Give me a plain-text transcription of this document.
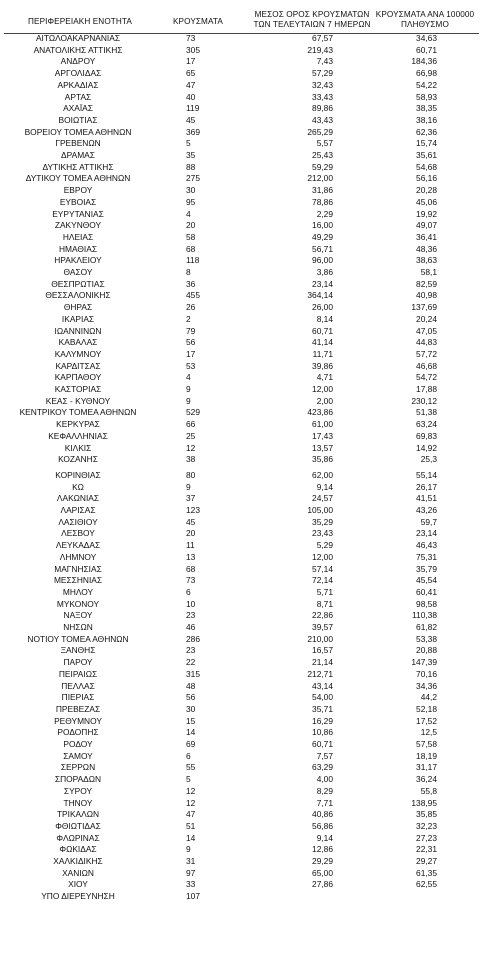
ΠΕΡΙΦΕΡΕΙΑΚΗ ΕΝΟΤΗΤΑ	ΚΡΟΥΣΜΑΤΑ
ΜΕΣΟΣ ΟΡΟΣ ΚΡΟΥΣΜΑΤΩΝ
ΤΩΝ ΤΕΛΕΥΤΑΙΩΝ 7 ΗΜΕΡΩΝ
ΚΡΟΥΣΜΑΤΑ ΑΝΑ 100000
ΠΛΗΘΥΣΜΟ
ΑΙΤΩΛΟΑΚΑΡΝΑΝΙΑΣ	73	67,57	34,63
ΑΝΑΤΟΛΙΚΗΣ ΑΤΤΙΚΗΣ	305	219,43	60,71
ΑΝΔΡΟΥ	17	7,43	184,36
ΑΡΓΟΛΙΔΑΣ	65	57,29	66,98
ΑΡΚΑΔΙΑΣ	47	32,43	54,22
ΑΡΤΑΣ	40	33,43	58,93
ΑΧΑΪΑΣ	119	89,86	38,35
ΒΟΙΩΤΙΑΣ	45	43,43	38,16
ΒΟΡΕΙΟΥ ΤΟΜΕΑ ΑΘΗΝΩΝ	369	265,29	62,36
ΓΡΕΒΕΝΩΝ	5	5,57	15,74
ΔΡΑΜΑΣ	35	25,43	35,61
ΔΥΤΙΚΗΣ ΑΤΤΙΚΗΣ	88	59,29	54,68
ΔΥΤΙΚΟΥ ΤΟΜΕΑ ΑΘΗΝΩΝ	275	212,00	56,16
ΕΒΡΟΥ	30	31,86	20,28
ΕΥΒΟΙΑΣ	95	78,86	45,06
ΕΥΡΥΤΑΝΙΑΣ	4	2,29	19,92
ΖΑΚΥΝΘΟΥ	20	16,00	49,07
ΗΛΕΙΑΣ	58	49,29	36,41
ΗΜΑΘΙΑΣ	68	56,71	48,36
ΗΡΑΚΛΕΙΟΥ	118	96,00	38,63
ΘΑΣΟΥ	8	3,86	58,1
ΘΕΣΠΡΩΤΙΑΣ	36	23,14	82,59
ΘΕΣΣΑΛΟΝΙΚΗΣ	455	364,14	40,98
ΘΗΡΑΣ	26	26,00	137,69
ΙΚΑΡΙΑΣ	2	8,14	20,24
ΙΩΑΝΝΙΝΩΝ	79	60,71	47,05
ΚΑΒΑΛΑΣ	56	41,14	44,83
ΚΑΛΥΜΝΟΥ	17	11,71	57,72
ΚΑΡΔΙΤΣΑΣ	53	39,86	46,68
ΚΑΡΠΑΘΟΥ	4	4,71	54,72
ΚΑΣΤΟΡΙΑΣ	9	12,00	17,88
ΚΕΑΣ - ΚΥΘΝΟΥ	9	2,00	230,12
ΚΕΝΤΡΙΚΟΥ ΤΟΜΕΑ ΑΘΗΝΩΝ	529	423,86	51,38
ΚΕΡΚΥΡΑΣ	66	61,00	63,24
ΚΕΦΑΛΛΗΝΙΑΣ	25	17,43	69,83
ΚΙΛΚΙΣ	12	13,57	14,92
ΚΟΖΑΝΗΣ	38	35,86	25,3
ΚΟΡΙΝΘΙΑΣ	80	62,00	55,14
ΚΩ	9	9,14	26,17
ΛΑΚΩΝΙΑΣ	37	24,57	41,51
ΛΑΡΙΣΑΣ	123	105,00	43,26
ΛΑΣΙΘΙΟΥ	45	35,29	59,7
ΛΕΣΒΟΥ	20	23,43	23,14
ΛΕΥΚΑΔΑΣ	11	5,29	46,43
ΛΗΜΝΟΥ	13	12,00	75,31
ΜΑΓΝΗΣΙΑΣ	68	57,14	35,79
ΜΕΣΣΗΝΙΑΣ	73	72,14	45,54
ΜΗΛΟΥ	6	5,71	60,41
ΜΥΚΟΝΟΥ	10	8,71	98,58
ΝΑΞΟΥ	23	22,86	110,38
ΝΗΣΩΝ	46	39,57	61,82
ΝΟΤΙΟΥ ΤΟΜΕΑ ΑΘΗΝΩΝ	286	210,00	53,38
ΞΑΝΘΗΣ	23	16,57	20,88
ΠΑΡΟΥ	22	21,14	147,39
ΠΕΙΡΑΙΩΣ	315	212,71	70,16
ΠΕΛΛΑΣ	48	43,14	34,36
ΠΙΕΡΙΑΣ	56	54,00	44,2
ΠΡΕΒΕΖΑΣ	30	35,71	52,18
ΡΕΘΥΜΝΟΥ	15	16,29	17,52
ΡΟΔΟΠΗΣ	14	10,86	12,5
ΡΟΔΟΥ	69	60,71	57,58
ΣΑΜΟΥ	6	7,57	18,19
ΣΕΡΡΩΝ	55	63,29	31,17
ΣΠΟΡΑΔΩΝ	5	4,00	36,24
ΣΥΡΟΥ	12	8,29	55,8
ΤΗΝΟΥ	12	7,71	138,95
ΤΡΙΚΑΛΩΝ	47	40,86	35,85
ΦΘΙΩΤΙΔΑΣ	51	56,86	32,23
ΦΛΩΡΙΝΑΣ	14	9,14	27,23
ΦΩΚΙΔΑΣ	9	12,86	22,31
ΧΑΛΚΙΔΙΚΗΣ	31	29,29	29,27
ΧΑΝΙΩΝ	97	65,00	61,35
ΧΙΟΥ	33	27,86	62,55
ΥΠΟ ΔΙΕΡΕΥΝΗΣΗ	107
